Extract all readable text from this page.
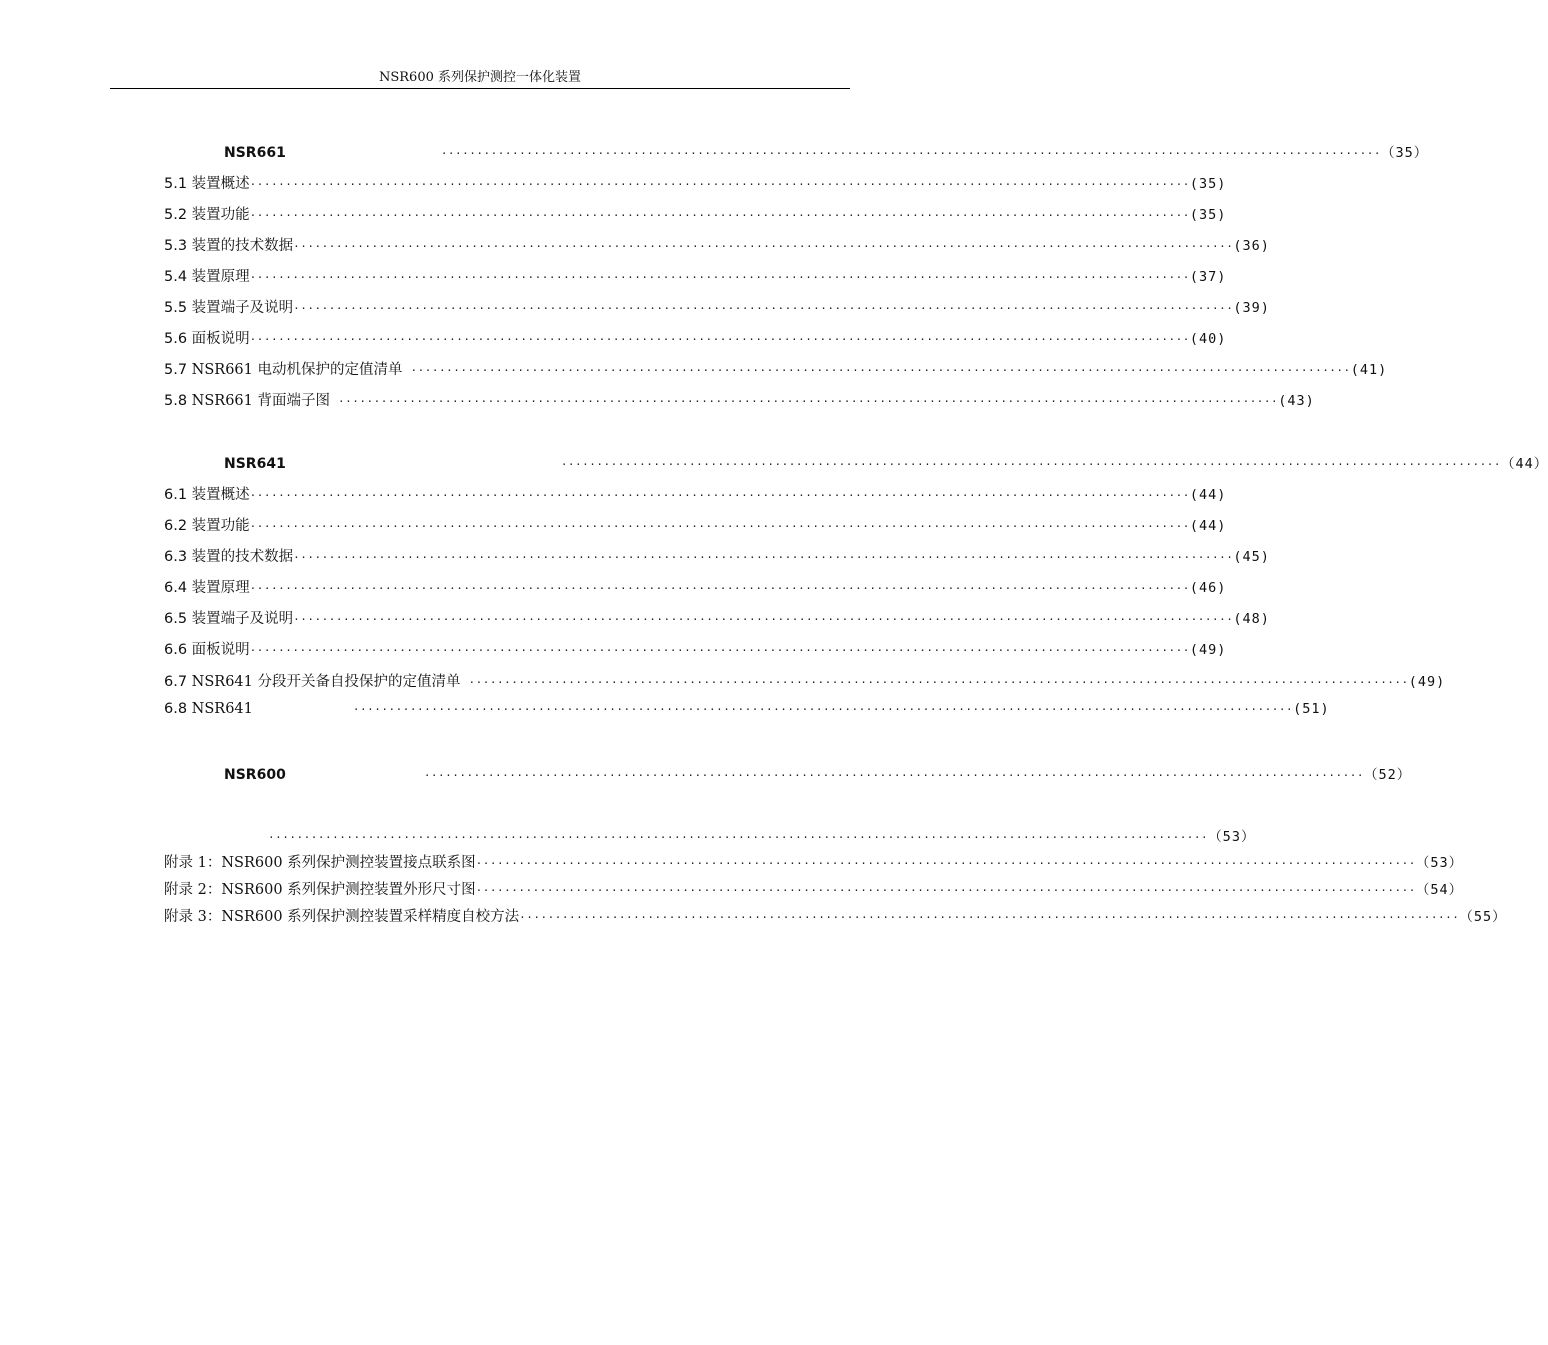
NSR600 系列保护测控一体化装置
NSR661	···································································································································· （35）
5.1 装置概述 ···································································································································· (35)
5.2 装置功能 ···································································································································· (35)
5.3 装置的技术数据 ···································································································································· (36)
5.4 装置原理 ···································································································································· (37)
5.5 装置端子及说明 ···································································································································· (39)
5.6 面板说明 ···································································································································· (40)
5.7 NSR661 电动机保护的定值清单 ···································································································································· (41)
5.8 NSR661 背面端子图 ···································································································································· (43)
NSR641	···································································································································· （44）
6.1 装置概述 ···································································································································· (44)
6.2 装置功能 ···································································································································· (44)
6.3 装置的技术数据 ···································································································································· (45)
6.4 装置原理 ···································································································································· (46)
6.5 装置端子及说明 ···································································································································· (48)
6.6 面板说明 ···································································································································· (49)
6.7 NSR641 分段开关备自投保护的定值清单 ···································································································································· (49)
6.8 NSR641	···································································································································· (51)
NSR600	···································································································································· （52）
···································································································································· （53）
附录 1：NSR600 系列保护测控装置接点联系图 ···································································································································· （53）
附录 2：NSR600 系列保护测控装置外形尺寸图 ···································································································································· （54）
附录 3：NSR600 系列保护测控装置采样精度自校方法 ···································································································································· （55）
